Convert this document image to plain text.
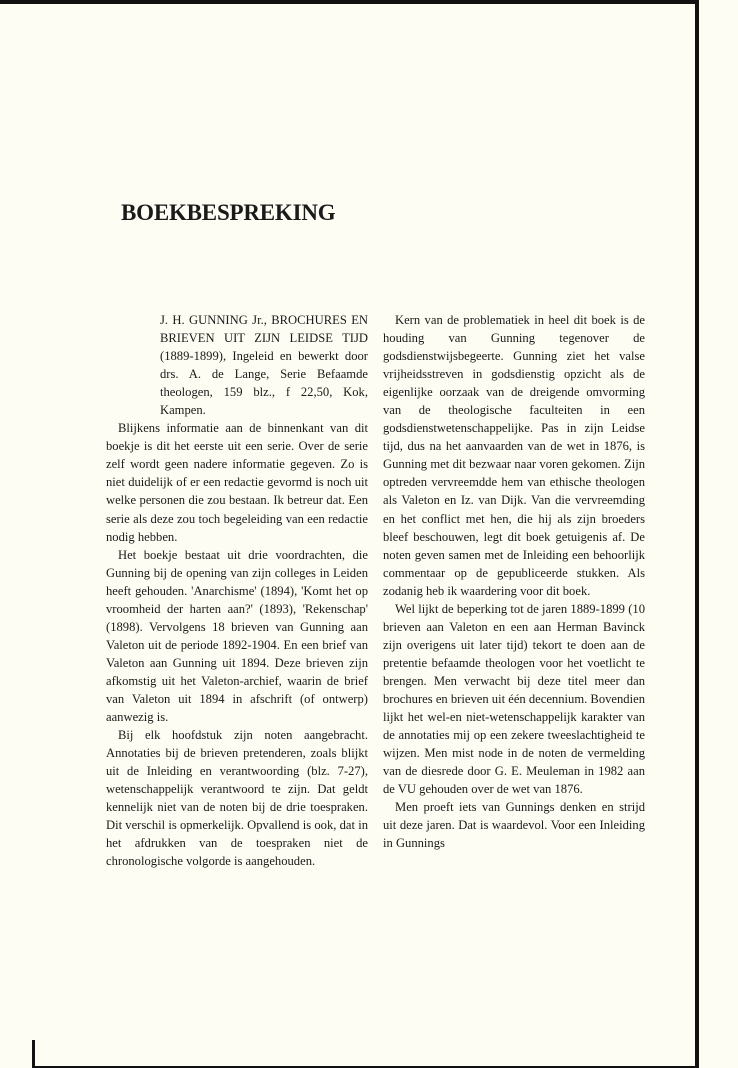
BOEKBESPREKING

J. H. GUNNING Jr., BROCHURES EN BRIEVEN UIT ZIJN LEIDSE TIJD (1889-1899), Ingeleid en bewerkt door drs. A. de Lange, Serie Befaamde theologen, 159 blz., f 22,50, Kok, Kampen.

Blijkens informatie aan de binnenkant van dit boekje is dit het eerste uit een serie. Over de serie zelf wordt geen nadere informatie gegeven. Zo is niet duidelijk of er een redactie gevormd is noch uit welke personen die zou bestaan. Ik betreur dat. Een serie als deze zou toch begeleiding van een redactie nodig hebben.

Het boekje bestaat uit drie voordrachten, die Gunning bij de opening van zijn colleges in Leiden heeft gehouden. 'Anarchisme' (1894), 'Komt het op vroomheid der harten aan?' (1893), 'Rekenschap' (1898). Vervolgens 18 brieven van Gunning aan Valeton uit de periode 1892-1904. En een brief van Valeton aan Gunning uit 1894. Deze brieven zijn afkomstig uit het Valeton-archief, waarin de brief van Valeton uit 1894 in afschrift (of ontwerp) aanwezig is.

Bij elk hoofdstuk zijn noten aangebracht. Annotaties bij de brieven pretenderen, zoals blijkt uit de Inleiding en verantwoording (blz. 7-27), wetenschappelijk verantwoord te zijn. Dat geldt kennelijk niet van de noten bij de drie toespraken. Dit verschil is opmerkelijk. Opvallend is ook, dat in het afdrukken van de toespraken niet de chronologische volgorde is aangehouden.

Kern van de problematiek in heel dit boek is de houding van Gunning tegenover de godsdienstwijsbegeerte. Gunning ziet het valse vrijheidsstreven in godsdienstig opzicht als de eigenlijke oorzaak van de dreigende omvorming van de theologische faculteiten in een godsdienstwetenschappelijke. Pas in zijn Leidse tijd, dus na het aanvaarden van de wet in 1876, is Gunning met dit bezwaar naar voren gekomen. Zijn optreden vervreemdde hem van ethische theologen als Valeton en Iz. van Dijk. Van die vervreemding en het conflict met hen, die hij als zijn broeders bleef beschouwen, legt dit boek getuigenis af. De noten geven samen met de Inleiding een behoorlijk commentaar op de gepubliceerde stukken. Als zodanig heb ik waardering voor dit boek.

Wel lijkt de beperking tot de jaren 1889-1899 (10 brieven aan Valeton en een aan Herman Bavinck zijn overigens uit later tijd) tekort te doen aan de pretentie befaamde theologen voor het voetlicht te brengen. Men verwacht bij deze titel meer dan brochures en brieven uit één decennium. Bovendien lijkt het wel-en niet-wetenschappelijk karakter van de annotaties mij op een zekere tweeslachtigheid te wijzen. Men mist node in de noten de vermelding van de diesrede door G. E. Meuleman in 1982 aan de VU gehouden over de wet van 1876.

Men proeft iets van Gunnings denken en strijd uit deze jaren. Dat is waardevol. Voor een Inleiding in Gunnings
